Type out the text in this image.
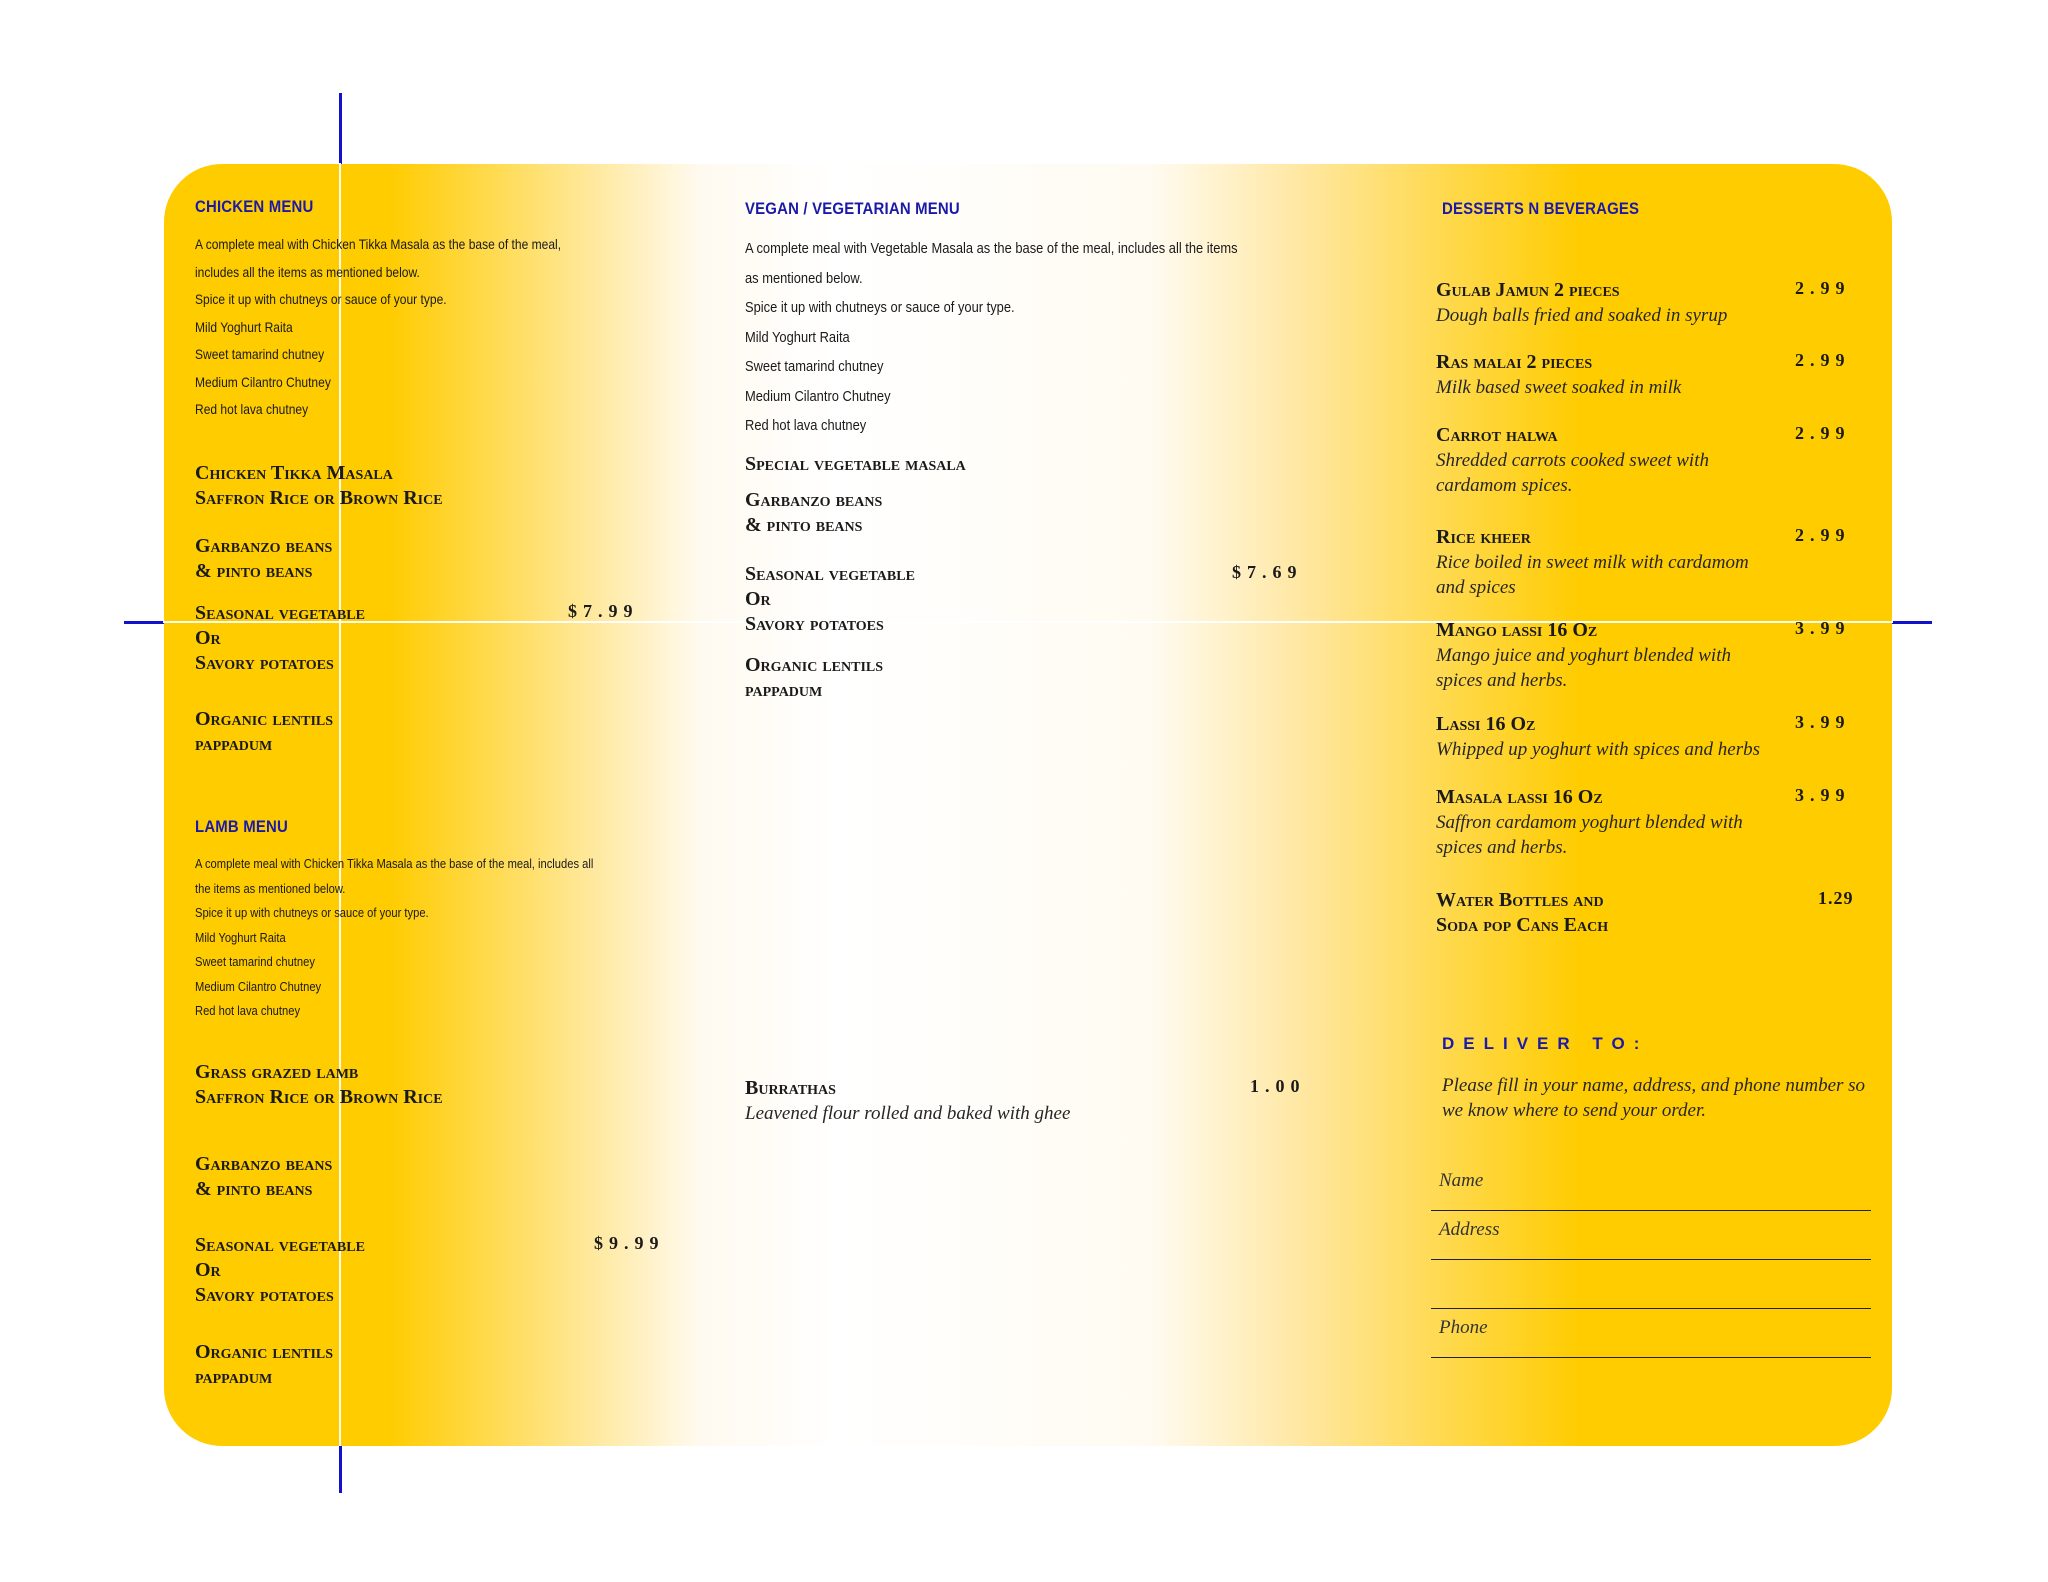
CHICKEN MENU
A complete meal with Chicken Tikka Masala as the base of the meal,
includes all the items as mentioned below.
Spice it up with chutneys or sauce of your type.
Mild Yoghurt Raita
Sweet tamarind chutney
Medium Cilantro Chutney
Red hot lava chutney
Chicken Tikka Masala
Saffron Rice or Brown Rice
Garbanzo beans
& pinto beans
Seasonal vegetable
Or
Savory potatoes
$7.99
Organic lentils
pappadum
LAMB MENU
A complete meal with Chicken Tikka Masala as the base of the meal, includes all
the items as mentioned below.
Spice it up with chutneys or sauce of your type.
Mild Yoghurt Raita
Sweet tamarind chutney
Medium Cilantro Chutney
Red hot lava chutney
Grass grazed lamb
Saffron Rice or Brown Rice
Garbanzo beans
& pinto beans
Seasonal vegetable
Or
Savory potatoes
$9.99
Organic lentils
pappadum
VEGAN / VEGETARIAN MENU
A complete meal with Vegetable Masala as the base of the meal, includes all the items
as mentioned below.
Spice it up with chutneys or sauce of your type.
Mild Yoghurt Raita
Sweet tamarind chutney
Medium Cilantro Chutney
Red hot lava chutney
Special vegetable masala
Garbanzo beans
& pinto beans
Seasonal vegetable
Or
Savory potatoes
$7.69
Organic lentils
pappadum
Burrathas
Leavened flour rolled and baked with ghee
1.00
DESSERTS N BEVERAGES
Gulab Jamun 2 pieces	2.99
Dough balls fried and soaked in syrup
Ras malai 2 pieces	2.99
Milk based sweet soaked in milk
Carrot halwa	2.99
Shredded carrots cooked sweet with cardamom spices.
Rice kheer	2.99
Rice boiled in sweet milk with cardamom and spices
Mango lassi 16 Oz	3.99
Mango juice and yoghurt blended with spices and herbs.
Lassi 16 Oz	3.99
Whipped up yoghurt with spices and herbs
Masala lassi 16 Oz	3.99
Saffron cardamom yoghurt blended with spices and herbs.
Water Bottles and
Soda pop Cans Each
1.29
DELIVER TO:
Please fill in your name, address, and phone number so we know where to send your order.
Name
Address
Phone
